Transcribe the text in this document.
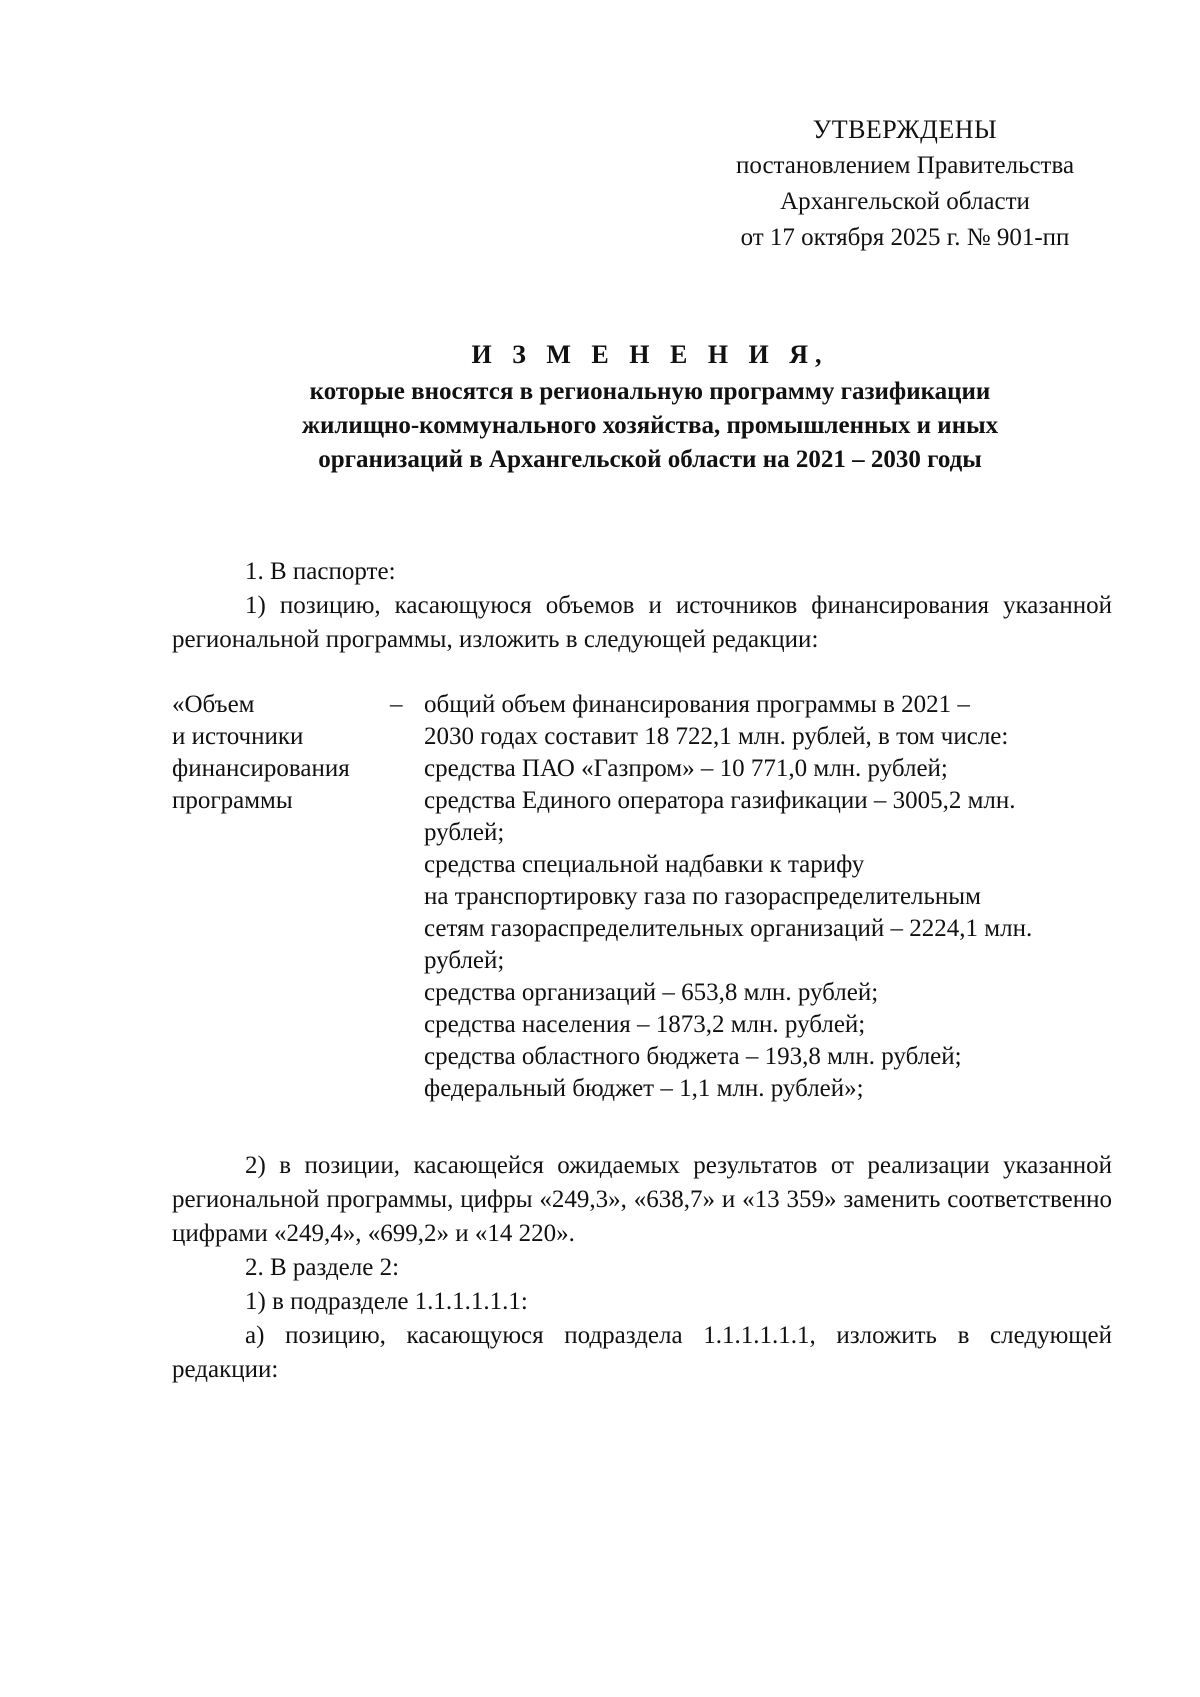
УТВЕРЖДЕНЫ
постановлением Правительства
Архангельской области
от 17 октября 2025 г. № 901-пп
И З М Е Н Е Н И Я,
которые вносятся в региональную программу газификации
жилищно-коммунального хозяйства, промышленных и иных
организаций в Архангельской области на 2021 – 2030 годы

1. В паспорте:

1) позицию, касающуюся объемов и источников финансирования указанной региональной программы, изложить в следующей редакции:

«Объем
и источники
финансирования
программы
– общий объем финансирования программы в 2021 –
2030 годах составит 18 722,1 млн. рублей, в том числе:
средства ПАО «Газпром» – 10 771,0 млн. рублей;
средства Единого оператора газификации – 3005,2 млн.
рублей;
средства специальной надбавки к тарифу
на транспортировку газа по газораспределительным
сетям газораспределительных организаций – 2224,1 млн.
рублей;
средства организаций – 653,8 млн. рублей;
средства населения – 1873,2 млн. рублей;
средства областного бюджета – 193,8 млн. рублей;
федеральный бюджет – 1,1 млн. рублей»;

2) в позиции, касающейся ожидаемых результатов от реализации указанной региональной программы, цифры «249,3», «638,7» и «13 359» заменить соответственно цифрами «249,4», «699,2» и «14 220».

2. В разделе 2:

1) в подразделе 1.1.1.1.1.1:

а) позицию, касающуюся подраздела 1.1.1.1.1.1, изложить в следующей редакции:
